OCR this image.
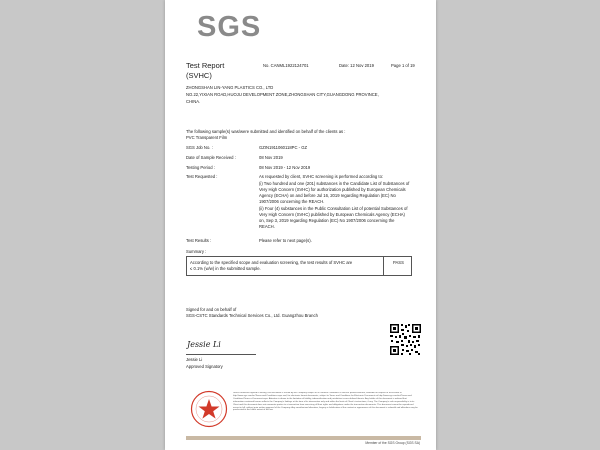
SGS
Test Report
(SVHC)
No. CANML1922124701	Date: 12 Nov 2019	Page 1 of 19
ZHONGSHAN LIN-YANG PLASTICS CO., LTD
NO.22,YIXIAN ROAD,HUOJU DEVELOPMENT ZONE,ZHONGSHAN CITY,GUANGDONG PROVINCE,
CHINA.
The following sample(s) was/were submitted and identified on behalf of the clients as :
PVC Transparent Film
SGS Job No. :	GZIN1911060118PC - GZ
Date of Sample Received :	08 Nov 2019
Testing Period :	08 Nov 2019 - 12 Nov 2019
Test Requested :	As requested by client, SVHC screening is performed according to:
(i) Two hundred and one (201) substances in the Candidate List of Substances of
Very High Concern (SVHC) for authorization published by European Chemicals
Agency (ECHA) on and before Jul 16, 2019 regarding Regulation (EC) No
1907/2006 concerning the REACH.
(ii) Four (4) substances in the Public Consultation List of potential Substances of
Very High Concern (SVHC) published by European Chemicals Agency (ECHA)
on, Sep 3, 2019 regarding Regulation (EC) No 1907/2006 concerning the
REACH.
Test Results :	Please refer to next page(s).
Summary :
According to the specified scope and evaluation screening, the test results of SVHC are
≤ 0.1% (w/w) in the submitted sample.
PASS
Signed for and on behalf of
SGS-CSTC Standards Technical Services Co., Ltd. Guangzhou Branch
Jessie Li
Jessie Li
Approved Signatory
Unless otherwise agreed in writing, this document is issued by the Company subject to its General Conditions of Service printed overleaf, available on request or accessible at http://www.sgs.com/en/Terms-and-Conditions.aspx and, for electronic format documents, subject to Terms and Conditions for Electronic Documents at http://www.sgs.com/en/Terms-and-Conditions/Terms-e-Document.aspx. Attention is drawn to the limitation of liability, indemnification and jurisdiction issues defined therein. Any holder of this document is advised that information contained hereon reflects the Company's findings at the time of its intervention only and within the limits of Client's instructions, if any. The Company's sole responsibility is to its Client and this document does not exonerate parties to a transaction from exercising all their rights and obligations under the transaction documents. This document cannot be reproduced except in full, without prior written approval of the Company. Any unauthorized alteration, forgery or falsification of the content or appearance of this document is unlawful and offenders may be prosecuted to the fullest extent of the law.
Member of the SGS Group (SGS SA)
